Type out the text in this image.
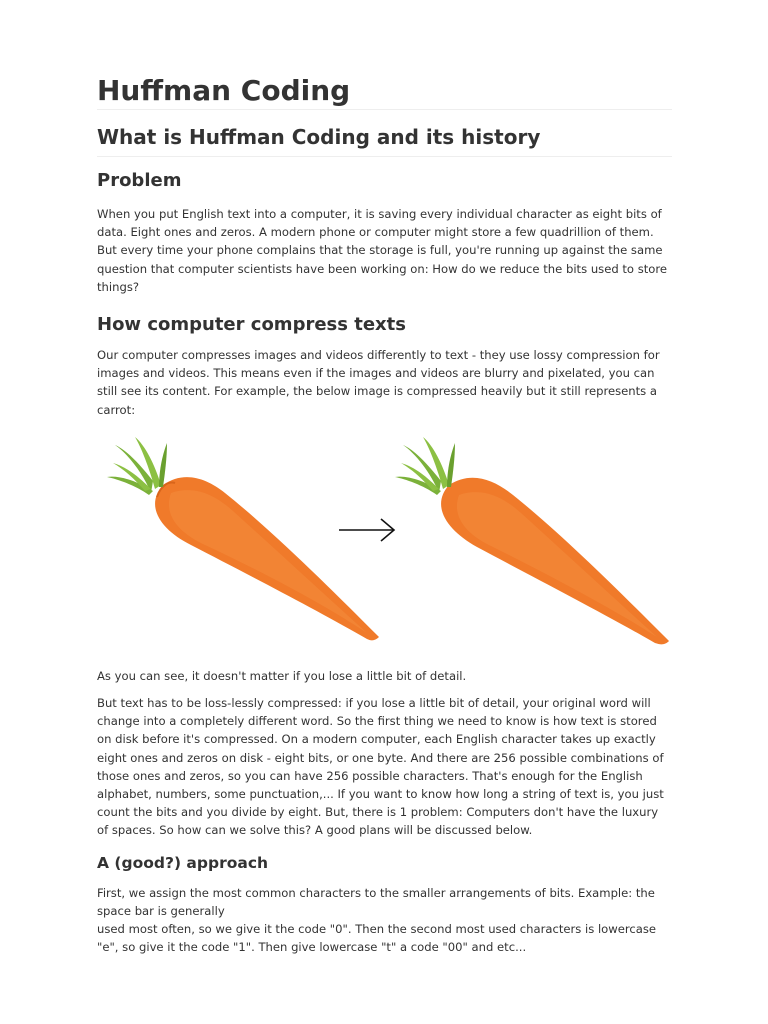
Huffman Coding
What is Huffman Coding and its history
Problem

When you put English text into a computer, it is saving every individual character as eight bits of data. Eight ones and zeros. A modern phone or computer might store a few quadrillion of them. But every time your phone complains that the storage is full, you're running up against the same question that computer scientists have been working on: How do we reduce the bits used to store things?

How computer compress texts

Our computer compresses images and videos differently to text - they use lossy compression for images and videos. This means even if the images and videos are blurry and pixelated, you can still see its content. For example, the below image is compressed heavily but it still represents a carrot:

As you can see, it doesn't matter if you lose a little bit of detail.

But text has to be loss-lessly compressed: if you lose a little bit of detail, your original word will change into a completely different word. So the first thing we need to know is how text is stored on disk before it's compressed. On a modern computer, each English character takes up exactly eight ones and zeros on disk - eight bits, or one byte. And there are 256 possible combinations of those ones and zeros, so you can have 256 possible characters. That's enough for the English alphabet, numbers, some punctuation,... If you want to know how long a string of text is, you just count the bits and you divide by eight. But, there is 1 problem: Computers don't have the luxury of spaces. So how can we solve this? A good plans will be discussed below.

A (good?) approach

First, we assign the most common characters to the smaller arrangements of bits. Example: the space bar is generally

used most often, so we give it the code "0". Then the second most used characters is lowercase "e", so give it the code "1". Then give lowercase "t" a code "00" and etc...
